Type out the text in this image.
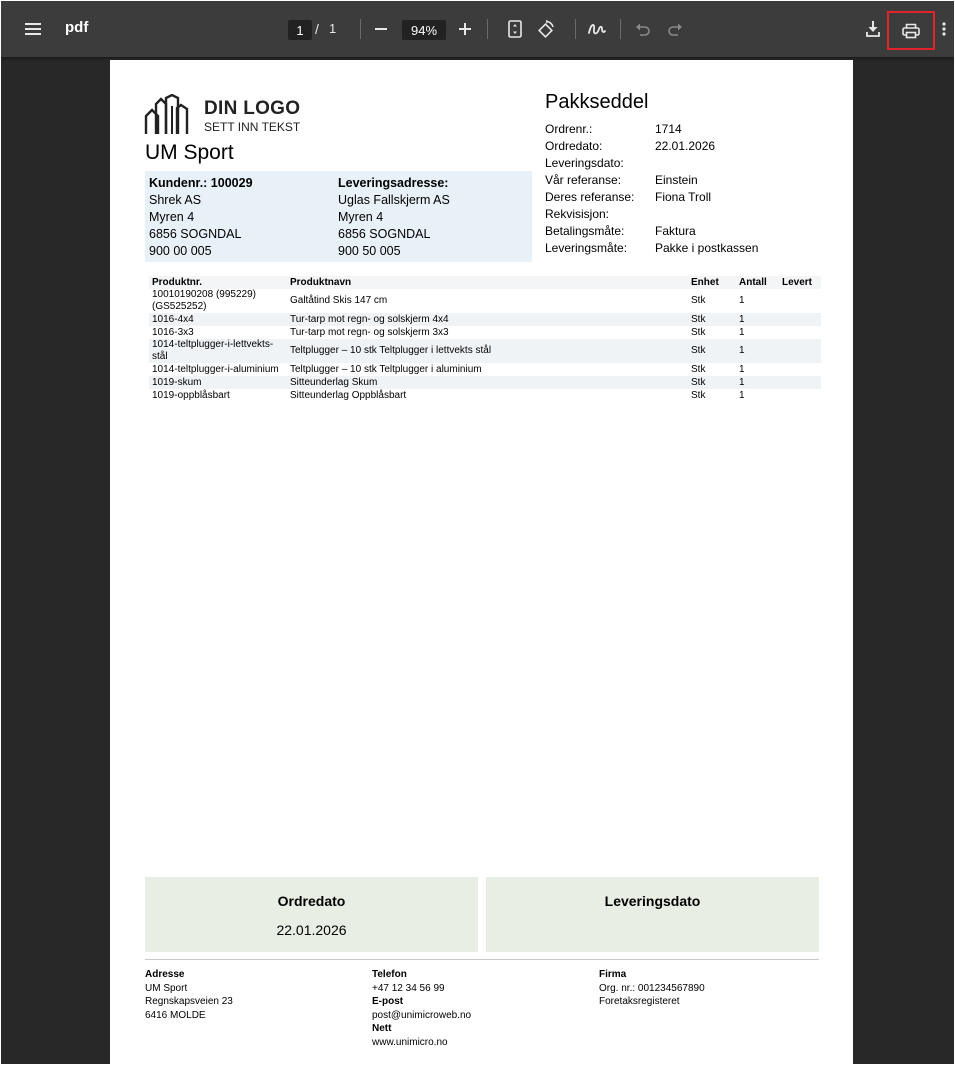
pdf	1 / 1	94%
DIN LOGO
SETT INN TEKST
UM Sport
Kundenr.: 100029
Shrek AS
Myren 4
6856 SOGNDAL
900 00 005
Leveringsadresse:
Uglas Fallskjerm AS
Myren 4
6856 SOGNDAL
900 50 005
Pakkseddel
Ordrenr.:	1714
Ordredato:	22.01.2026
Leveringsdato:
Vår referanse:	Einstein
Deres referanse:	Fiona Troll
Rekvisisjon:
Betalingsmåte:	Faktura
Leveringsmåte:	Pakke i postkassen
Produktnr.	Produktnavn	Enhet	Antall	Levert
10010190208 (995229) (GS525252)	Galtåtind Skis 147 cm	Stk	1	
1016-4x4	Tur-tarp mot regn- og solskjerm 4x4	Stk	1	
1016-3x3	Tur-tarp mot regn- og solskjerm 3x3	Stk	1	
1014-teltplugger-i-lettvekts-stål	Teltplugger – 10 stk Teltplugger i lettvekts stål	Stk	1	
1014-teltplugger-i-aluminium	Teltplugger – 10 stk Teltplugger i aluminium	Stk	1	
1019-skum	Sitteunderlag Skum	Stk	1	
1019-oppblåsbart	Sitteunderlag Oppblåsbart	Stk	1	
Ordredato
22.01.2026
Leveringsdato
Adresse
UM Sport
Regnskapsveien 23
6416 MOLDE
Telefon
+47 12 34 56 99
E-post
post@unimicroweb.no
Nett
www.unimicro.no
Firma
Org. nr.: 001234567890
Foretaksregisteret
